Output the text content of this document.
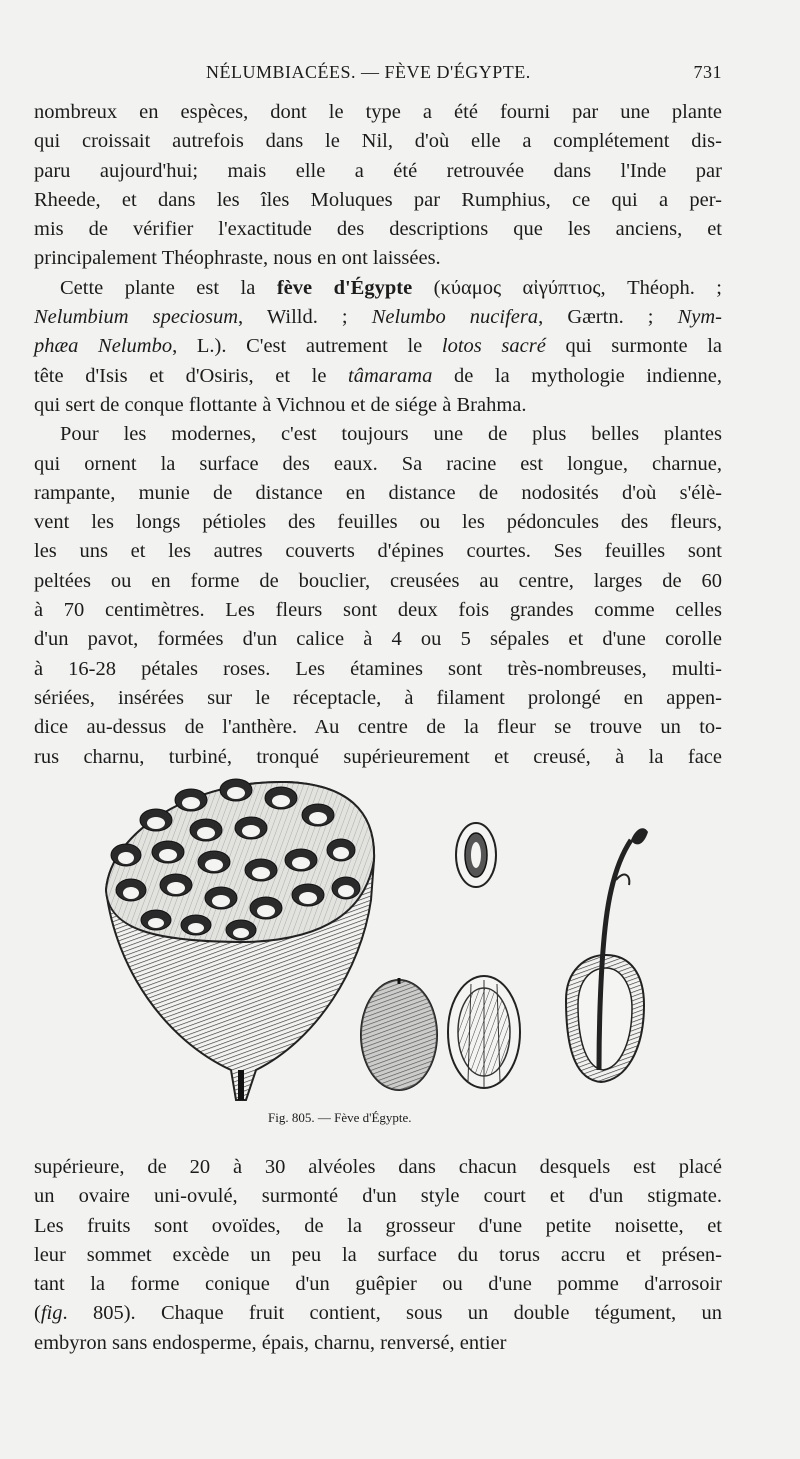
NÉLUMBIACÉES. — FÈVE D'ÉGYPTE.	731
nombreux en espèces, dont le type a été fourni par une plante
qui croissait autrefois dans le Nil, d'où elle a complétement dis-
paru aujourd'hui; mais elle a été retrouvée dans l'Inde par
Rheede, et dans les îles Moluques par Rumphius, ce qui a per-
mis de vérifier l'exactitude des descriptions que les anciens, et
principalement Théophraste, nous en ont laissées.
Cette plante est la fève d'Égypte (κύαμος αἰγύπτιος, Théoph. ;
Nelumbium speciosum, Willd. ; Nelumbo nucifera, Gærtn. ; Nym-
phæa Nelumbo, L.). C'est autrement le lotos sacré qui surmonte la
tête d'Isis et d'Osiris, et le tâmarama de la mythologie indienne,
qui sert de conque flottante à Vichnou et de siége à Brahma.
Pour les modernes, c'est toujours une de plus belles plantes
qui ornent la surface des eaux. Sa racine est longue, charnue,
rampante, munie de distance en distance de nodosités d'où s'élè-
vent les longs pétioles des feuilles ou les pédoncules des fleurs,
les uns et les autres couverts d'épines courtes. Ses feuilles sont
peltées ou en forme de bouclier, creusées au centre, larges de 60
à 70 centimètres. Les fleurs sont deux fois grandes comme celles
d'un pavot, formées d'un calice à 4 ou 5 sépales et d'une corolle
à 16-28 pétales roses. Les étamines sont très-nombreuses, multi-
sériées, insérées sur le réceptacle, à filament prolongé en appen-
dice au-dessus de l'anthère. Au centre de la fleur se trouve un to-
rus charnu, turbiné, tronqué supérieurement et creusé, à la face
Fig. 805. — Fève d'Égypte.
supérieure, de 20 à 30 alvéoles dans chacun desquels est placé
un ovaire uni-ovulé, surmonté d'un style court et d'un stigmate.
Les fruits sont ovoïdes, de la grosseur d'une petite noisette, et
leur sommet excède un peu la surface du torus accru et présen-
tant la forme conique d'un guêpier ou d'une pomme d'arrosoir
(fig. 805). Chaque fruit contient, sous un double tégument, un
embyron sans endosperme, épais, charnu, renversé, entier
